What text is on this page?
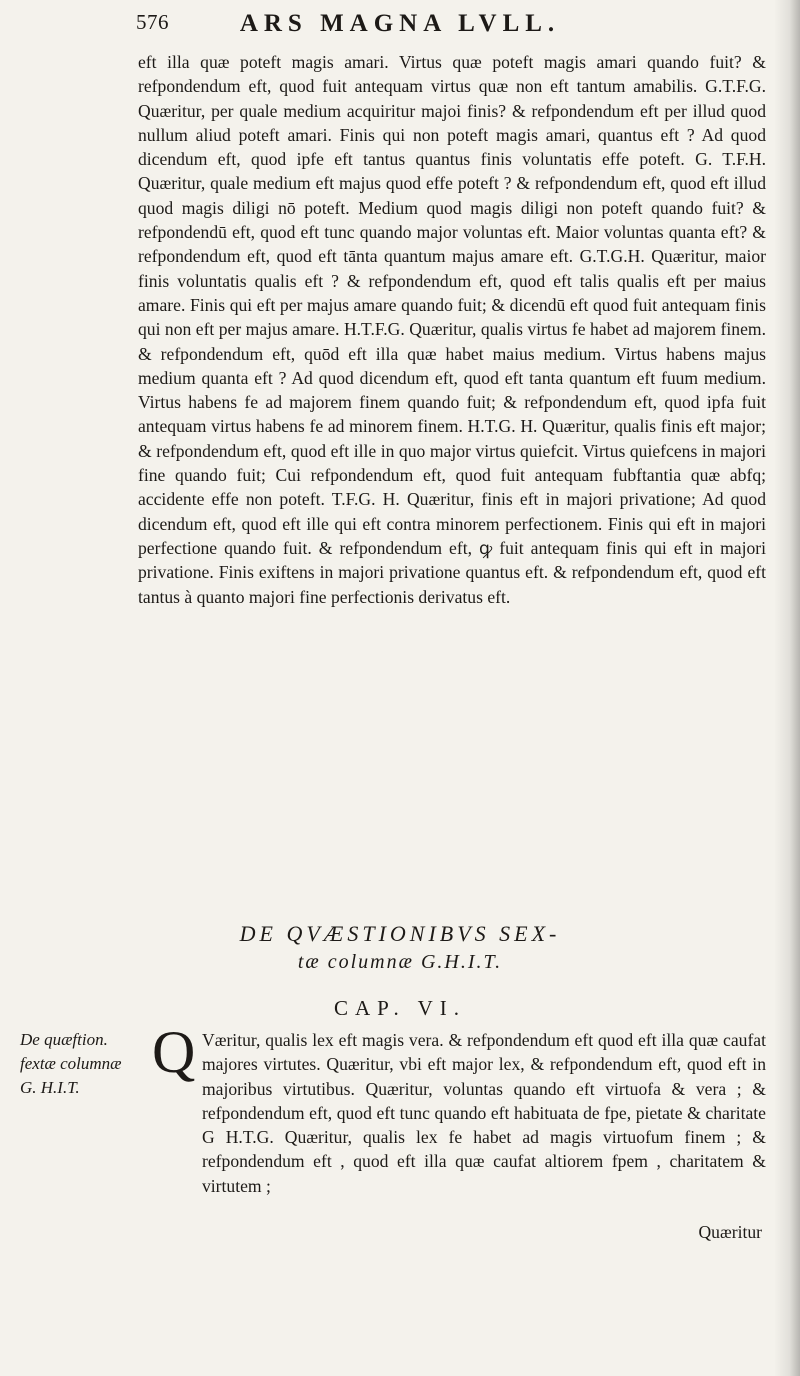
576	ARS MAGNA LVLL.
eft illa quæ poteft magis amari. Virtus quæ poteft magis amari quando fuit? & refpondendum eft, quod fuit antequam virtus quæ non eft tantum amabilis. G.T.F.G. Quæritur, per quale medium acquiritur majoi finis? & refpondendum eft per illud quod nullum aliud poteft amari. Finis qui non poteft magis amari, quantus eft ? Ad quod dicendum eft, quod ipfe eft tantus quantus finis voluntatis effe poteft. G. T.F.H. Quæritur, quale medium eft majus quod effe poteft ? & refpondendum eft, quod eft illud quod magis diligi nō poteft. Medium quod magis diligi non poteft quando fuit? & refpondendū eft, quod eft tunc quando major voluntas eft. Maior voluntas quanta eft? & refpondendum eft, quod eft tānta quantum majus amare eft. G.T.G.H. Quæritur, maior finis voluntatis qualis eft ? & refpondendum eft, quod eft talis qualis eft per maius amare. Finis qui eft per majus amare quando fuit; & dicendū eft quod fuit antequam finis qui non eft per majus amare. H.T.F.G. Quæritur, qualis virtus fe habet ad majorem finem. & refpondendum eft, quōd eft illa quæ habet maius medium. Virtus habens majus medium quanta eft ? Ad quod dicendum eft, quod eft tanta quantum eft fuum medium. Virtus habens fe ad majorem finem quando fuit; & refpondendum eft, quod ipfa fuit antequam virtus habens fe ad minorem finem. H.T.G. H. Quæritur, qualis finis eft major; & refpondendum eft, quod eft ille in quo major virtus quiefcit. Virtus quiefcens in majori fine quando fuit; Cui refpondendum eft, quod fuit antequam fubftantia quæ abfq; accidente effe non poteft. T.F.G. H. Quæritur, finis eft in majori privatione; Ad quod dicendum eft, quod eft ille qui eft contra minorem perfectionem. Finis qui eft in majori perfectione quando fuit. & refpondendum eft, ꝙ fuit antequam finis qui eft in majori privatione. Finis exiftens in majori privatione quantus eft. & refpondendum eft, quod eft tantus à quanto majori fine perfectionis derivatus eft.
DE QVÆSTIONIBVS SEX-
tæ columnæ G.H.I.T.
CAP. VI.
De quæftion. fextæ columnæ G. H.I.T.
Q Væritur, qualis lex eft magis vera. & refpondendum eft quod eft illa quæ caufat majores virtutes. Quæritur, vbi eft major lex, & refpondendum eft, quod eft in majoribus virtutibus. Quæritur, voluntas quando eft virtuofa & vera ; & refpondendum eft, quod eft tunc quando eft habituata de fpe, pietate & charitate G H.T.G. Quæritur, qualis lex fe habet ad magis virtuofum finem ; & refpondendum eft , quod eft illa quæ caufat altiorem fpem , charitatem & virtutem ;
Quæritur
